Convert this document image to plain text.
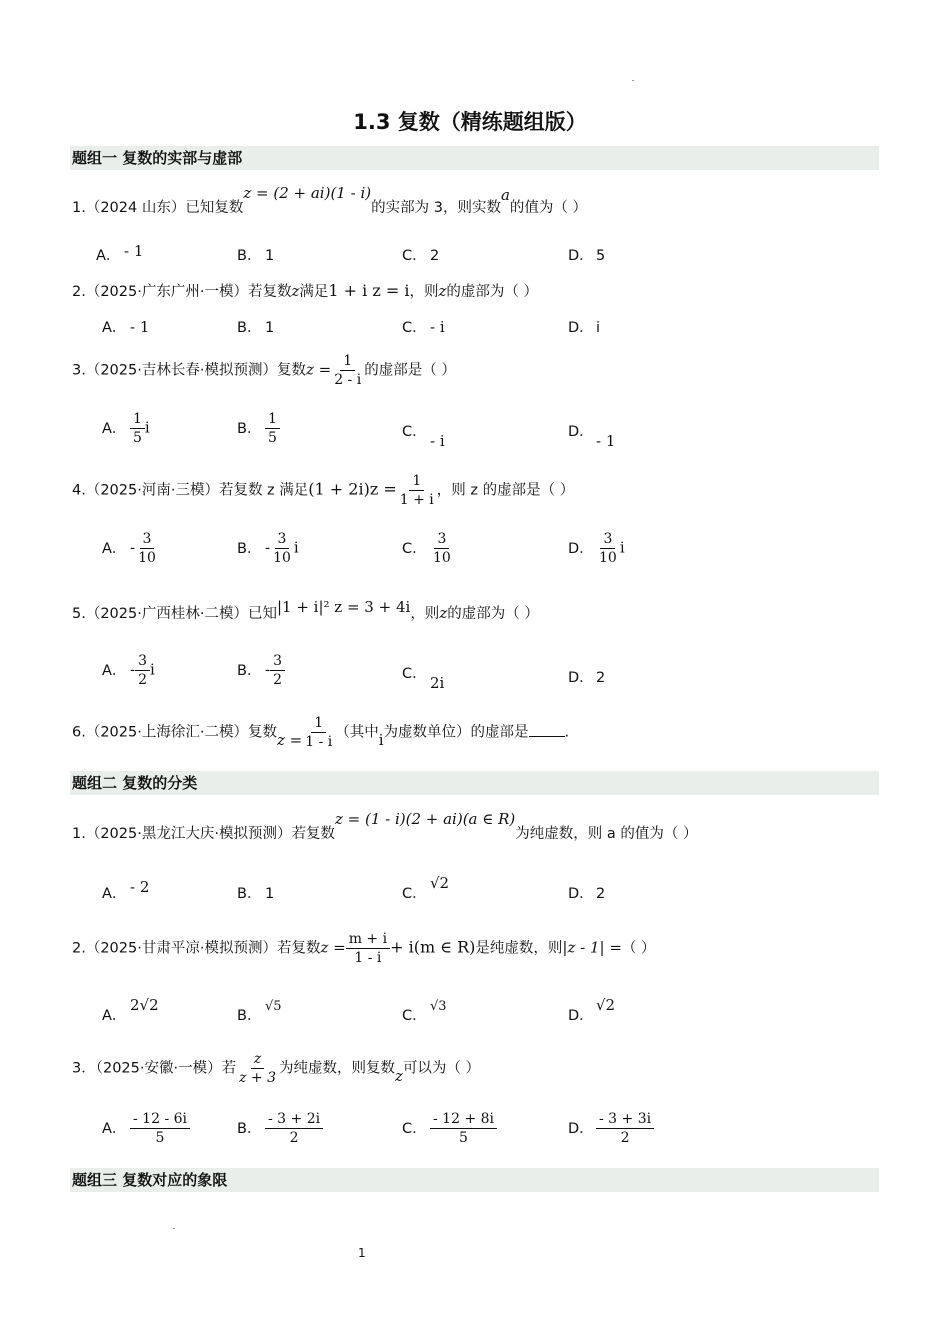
1.3 复数（精练题组版）
题组一 复数的实部与虚部
1.（2024 山东）已知复数z = (2 + ai)(1 - i)的实部为 3，则实数a的值为（ ）
A． - 1	B． 1	C． 2	D． 5
2.（2025·广东广州·一模）若复数z满足1 + i z = i，则z的虚部为（ ）
A． - 1	B． 1	C． - i	D． i
3.（2025·吉林长春·模拟预测）复数$z = \frac{1}{2 - i}$ 的虚部是（ ）
A． $\frac{1}{5}$ i	B． $\frac{1}{5}$	C． - i	D． - 1
4.（2025·河南·三模）若复数 z 满足$(1 + 2i)z = \frac{1}{1 + i}$ ，则 z 的虚部是（ ）
A． - $\frac{3}{10}$	B． - $\frac{3}{10}$ i	C． $\frac{3}{10}$	D． $\frac{3}{10}$ i
5.（2025·广西桂林·二模）已知|1 + i|² z = 3 + 4i，则z的虚部为（ ）
A． - $\frac{3}{2}$ i	B． - $\frac{3}{2}$	C． 2i	D． 2
6.（2025·上海徐汇·二模）复数$z = \frac{1}{1 - i}$ （其中i为虚数单位）的虚部是 .
题组二 复数的分类
1.（2025·黑龙江大庆·模拟预测）若复数z = (1 - i)(2 + ai)(a ∈ R)为纯虚数，则 a 的值为（ ）
A． - 2	B． 1	C．√2
D． 2
2.（2025·甘肃平凉·模拟预测）若复数$z = \frac{m + i}{1 - i} + i(m$ ∈ R)是纯虚数，则|z - 1| =（ ）
A．2√2
B．√5
C．√3
D．√2
3．（2025·安徽·一模）若 $\frac{z}{z + 3}$ 为纯虚数，则复数z可以为（ ）
A． $\frac{- 12 - 6i}{5}$	B． $\frac{- 3 + 2i}{2}$	C． $\frac{- 12 + 8i}{5}$	D． $\frac{- 3 + 3i}{2}$
题组三 复数对应的象限
1
